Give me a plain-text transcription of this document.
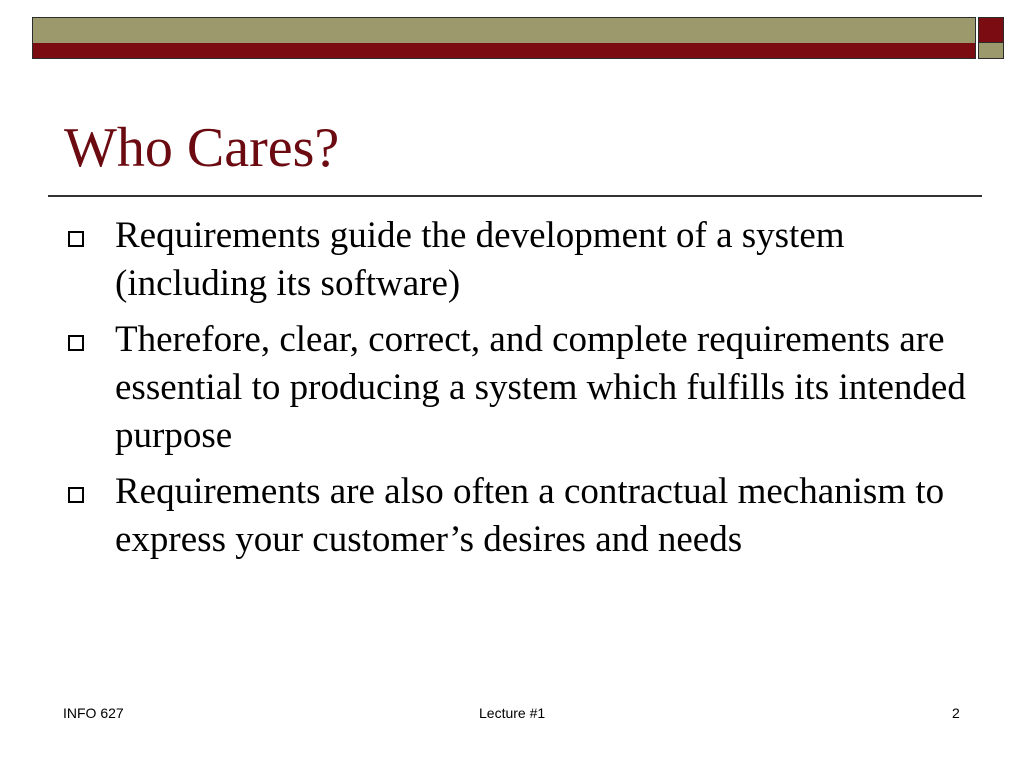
Who Cares?
Requirements guide the development of a system (including its software)
Therefore, clear, correct, and complete requirements are essential to producing a system which fulfills its intended purpose
Requirements are also often a contractual mechanism to express your customer’s desires and needs
INFO 627	Lecture #1	2
